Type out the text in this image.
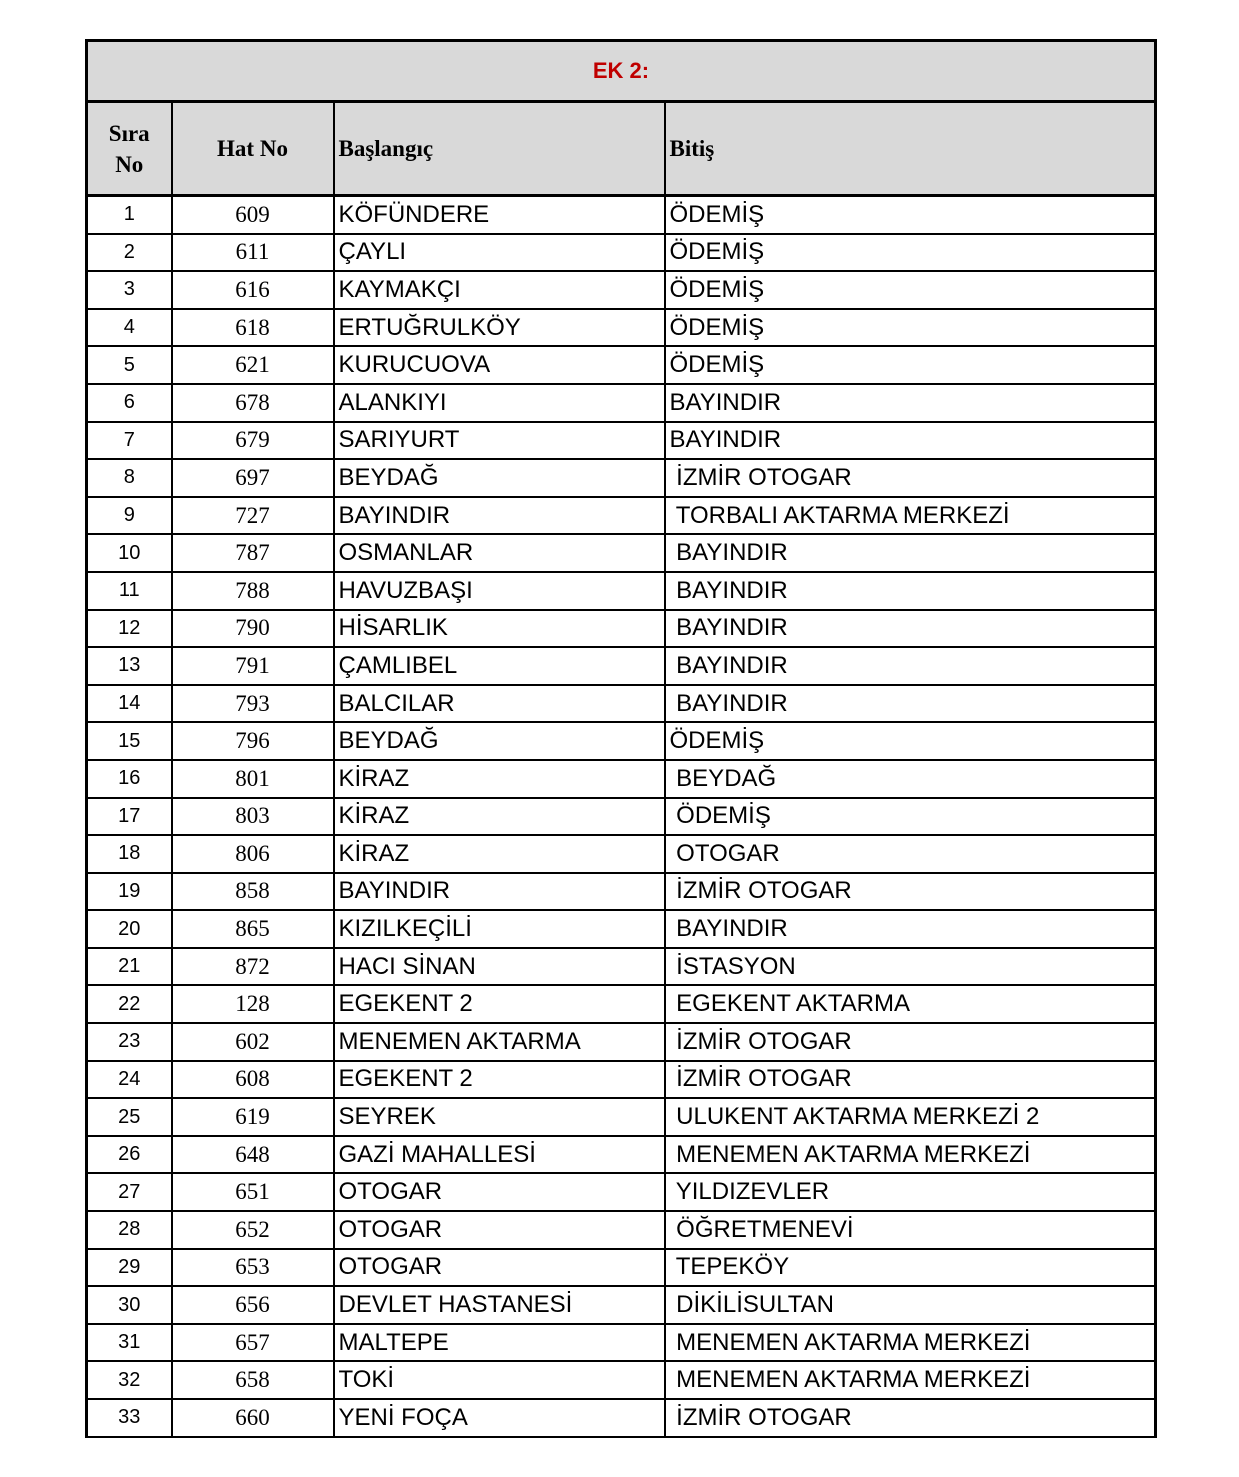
EK 2:			
Sıra
No	Hat No	Başlangıç	Bitiş
1	609	KÖFÜNDERE	ÖDEMİŞ
2	611	ÇAYLI	ÖDEMİŞ
3	616	KAYMAKÇI	ÖDEMİŞ
4	618	ERTUĞRULKÖY	ÖDEMİŞ
5	621	KURUCUOVA	ÖDEMİŞ
6	678	ALANKIYI	BAYINDIR
7	679	SARIYURT	BAYINDIR
8	697	BEYDAĞ	İZMİR OTOGAR
9	727	BAYINDIR	TORBALI AKTARMA MERKEZİ
10	787	OSMANLAR	BAYINDIR
11	788	HAVUZBAŞI	BAYINDIR
12	790	HİSARLIK	BAYINDIR
13	791	ÇAMLIBEL	BAYINDIR
14	793	BALCILAR	BAYINDIR
15	796	BEYDAĞ	ÖDEMİŞ
16	801	KİRAZ	BEYDAĞ
17	803	KİRAZ	ÖDEMİŞ
18	806	KİRAZ	OTOGAR
19	858	BAYINDIR	İZMİR OTOGAR
20	865	KIZILKEÇİLİ	BAYINDIR
21	872	HACI SİNAN	İSTASYON
22	128	EGEKENT 2	EGEKENT AKTARMA
23	602	MENEMEN AKTARMA	İZMİR OTOGAR
24	608	EGEKENT 2	İZMİR OTOGAR
25	619	SEYREK	ULUKENT AKTARMA MERKEZİ 2
26	648	GAZİ MAHALLESİ	MENEMEN AKTARMA MERKEZİ
27	651	OTOGAR	YILDIZEVLER
28	652	OTOGAR	ÖĞRETMENEVİ
29	653	OTOGAR	TEPEKÖY
30	656	DEVLET HASTANESİ	DİKİLİSULTAN
31	657	MALTEPE	MENEMEN AKTARMA MERKEZİ
32	658	TOKİ	MENEMEN AKTARMA MERKEZİ
33	660	YENİ FOÇA	İZMİR OTOGAR
